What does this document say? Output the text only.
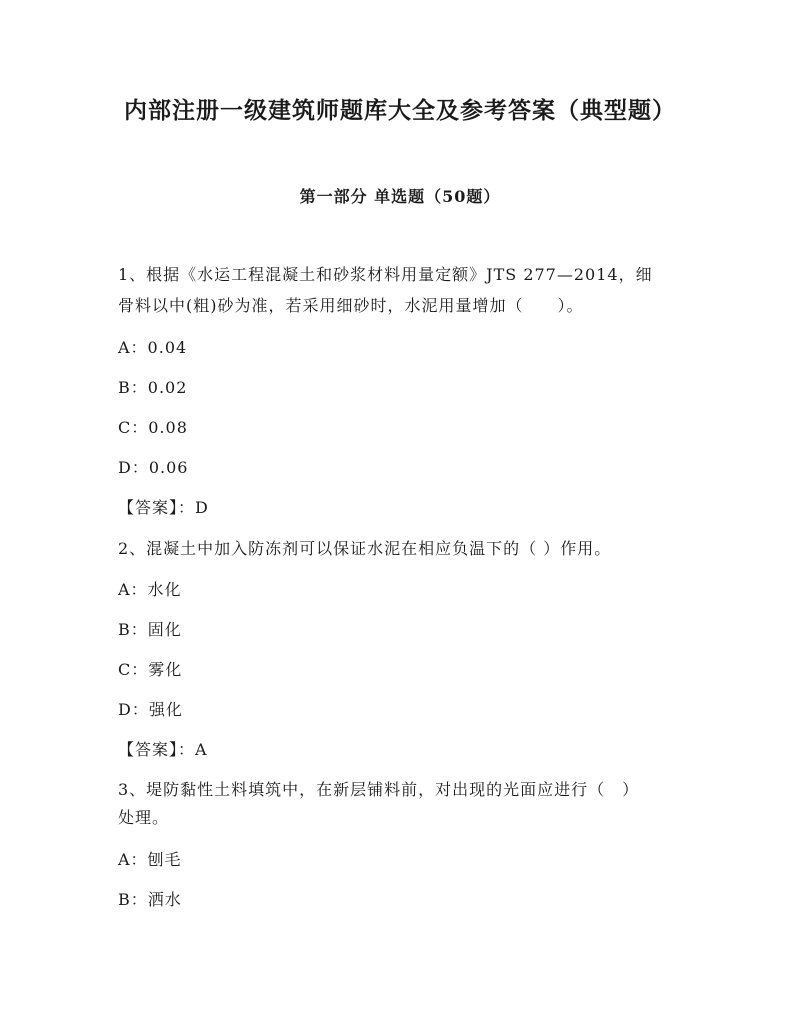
内部注册一级建筑师题库大全及参考答案（典型题）
第一部分 单选题（50题）
1、根据《水运工程混凝土和砂浆材料用量定额》JTS 277—2014，细
骨料以中(粗)砂为准，若采用细砂时，水泥用量增加（　　）。
A：0.04
B：0.02
C：0.08
D：0.06
【答案】：D
2、混凝土中加入防冻剂可以保证水泥在相应负温下的（ ）作用。
A：水化
B：固化
C：雾化
D：强化
【答案】：A
3、堤防黏性土料填筑中，在新层铺料前，对出现的光面应进行（　）
处理。
A：刨毛
B：洒水
